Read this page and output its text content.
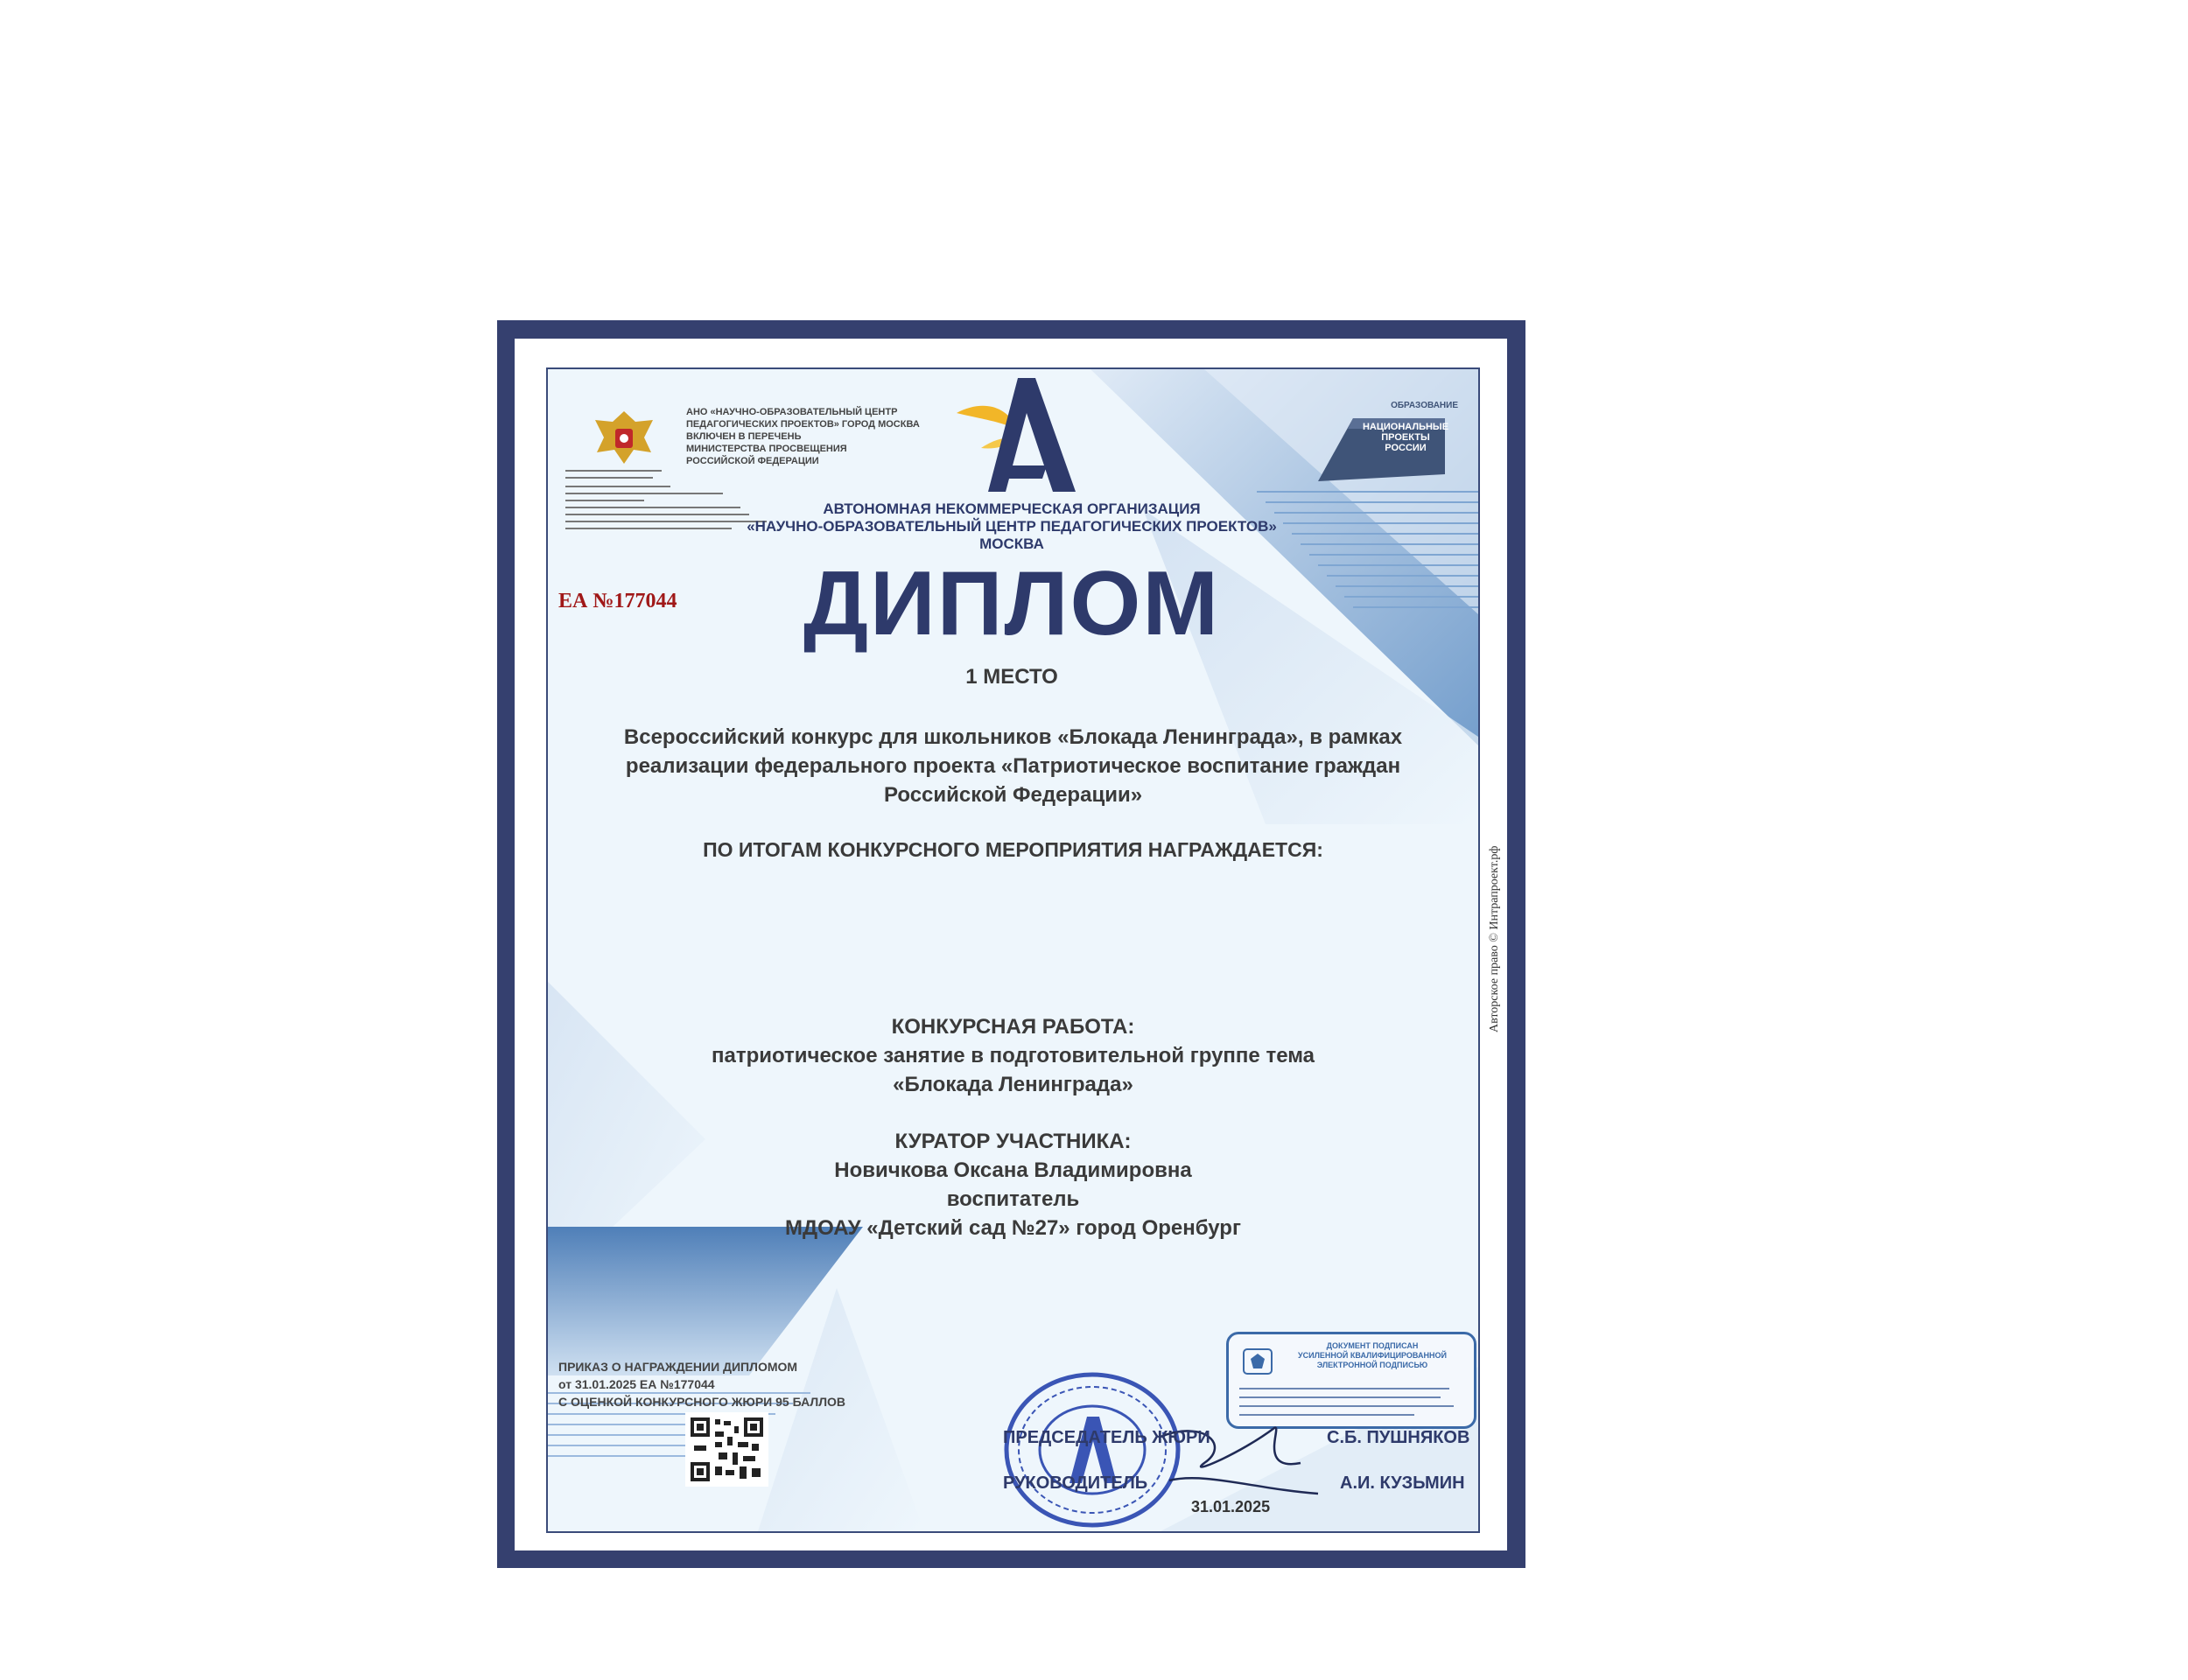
АНО «НАУЧНО-ОБРАЗОВАТЕЛЬНЫЙ ЦЕНТР
ПЕДАГОГИЧЕСКИХ ПРОЕКТОВ» ГОРОД МОСКВА
ВКЛЮЧЕН В ПЕРЕЧЕНЬ
МИНИСТЕРСТВА ПРОСВЕЩЕНИЯ
РОССИЙСКОЙ ФЕДЕРАЦИИ
ОБРАЗОВАНИЕ
НАЦИОНАЛЬНЫЕ
ПРОЕКТЫ
РОССИИ
АВТОНОМНАЯ НЕКОММЕРЧЕСКАЯ ОРГАНИЗАЦИЯ
«НАУЧНО-ОБРАЗОВАТЕЛЬНЫЙ ЦЕНТР ПЕДАГОГИЧЕСКИХ ПРОЕКТОВ»
МОСКВА
ЕА №177044	ДИПЛОМ
1 МЕСТО
Всероссийский конкурс для школьников «Блокада Ленинграда», в рамках
реализации федерального проекта «Патриотическое воспитание граждан
Российской Федерации»
ПО ИТОГАМ КОНКУРСНОГО МЕРОПРИЯТИЯ НАГРАЖДАЕТСЯ:
КОНКУРСНАЯ РАБОТА:
патриотическое занятие в подготовительной группе тема
«Блокада Ленинграда»
КУРАТОР УЧАСТНИКА:
Новичкова Оксана Владимировна
воспитатель
МДОАУ «Детский сад №27» город Оренбург
ПРИКАЗ О НАГРАЖДЕНИИ ДИПЛОМОМ
от 31.01.2025 ЕА №177044
С ОЦЕНКОЙ КОНКУРСНОГО ЖЮРИ 95 БАЛЛОВ
ДОКУМЕНТ ПОДПИСАН
УСИЛЕННОЙ КВАЛИФИЦИРОВАННОЙ
ЭЛЕКТРОННОЙ ПОДПИСЬЮ
ПРЕДСЕДАТЕЛЬ ЖЮРИ	С.Б. ПУШНЯКОВ
РУКОВОДИТЕЛЬ	А.И. КУЗЬМИН
31.01.2025
Авторское право © Интрапроект.рф
